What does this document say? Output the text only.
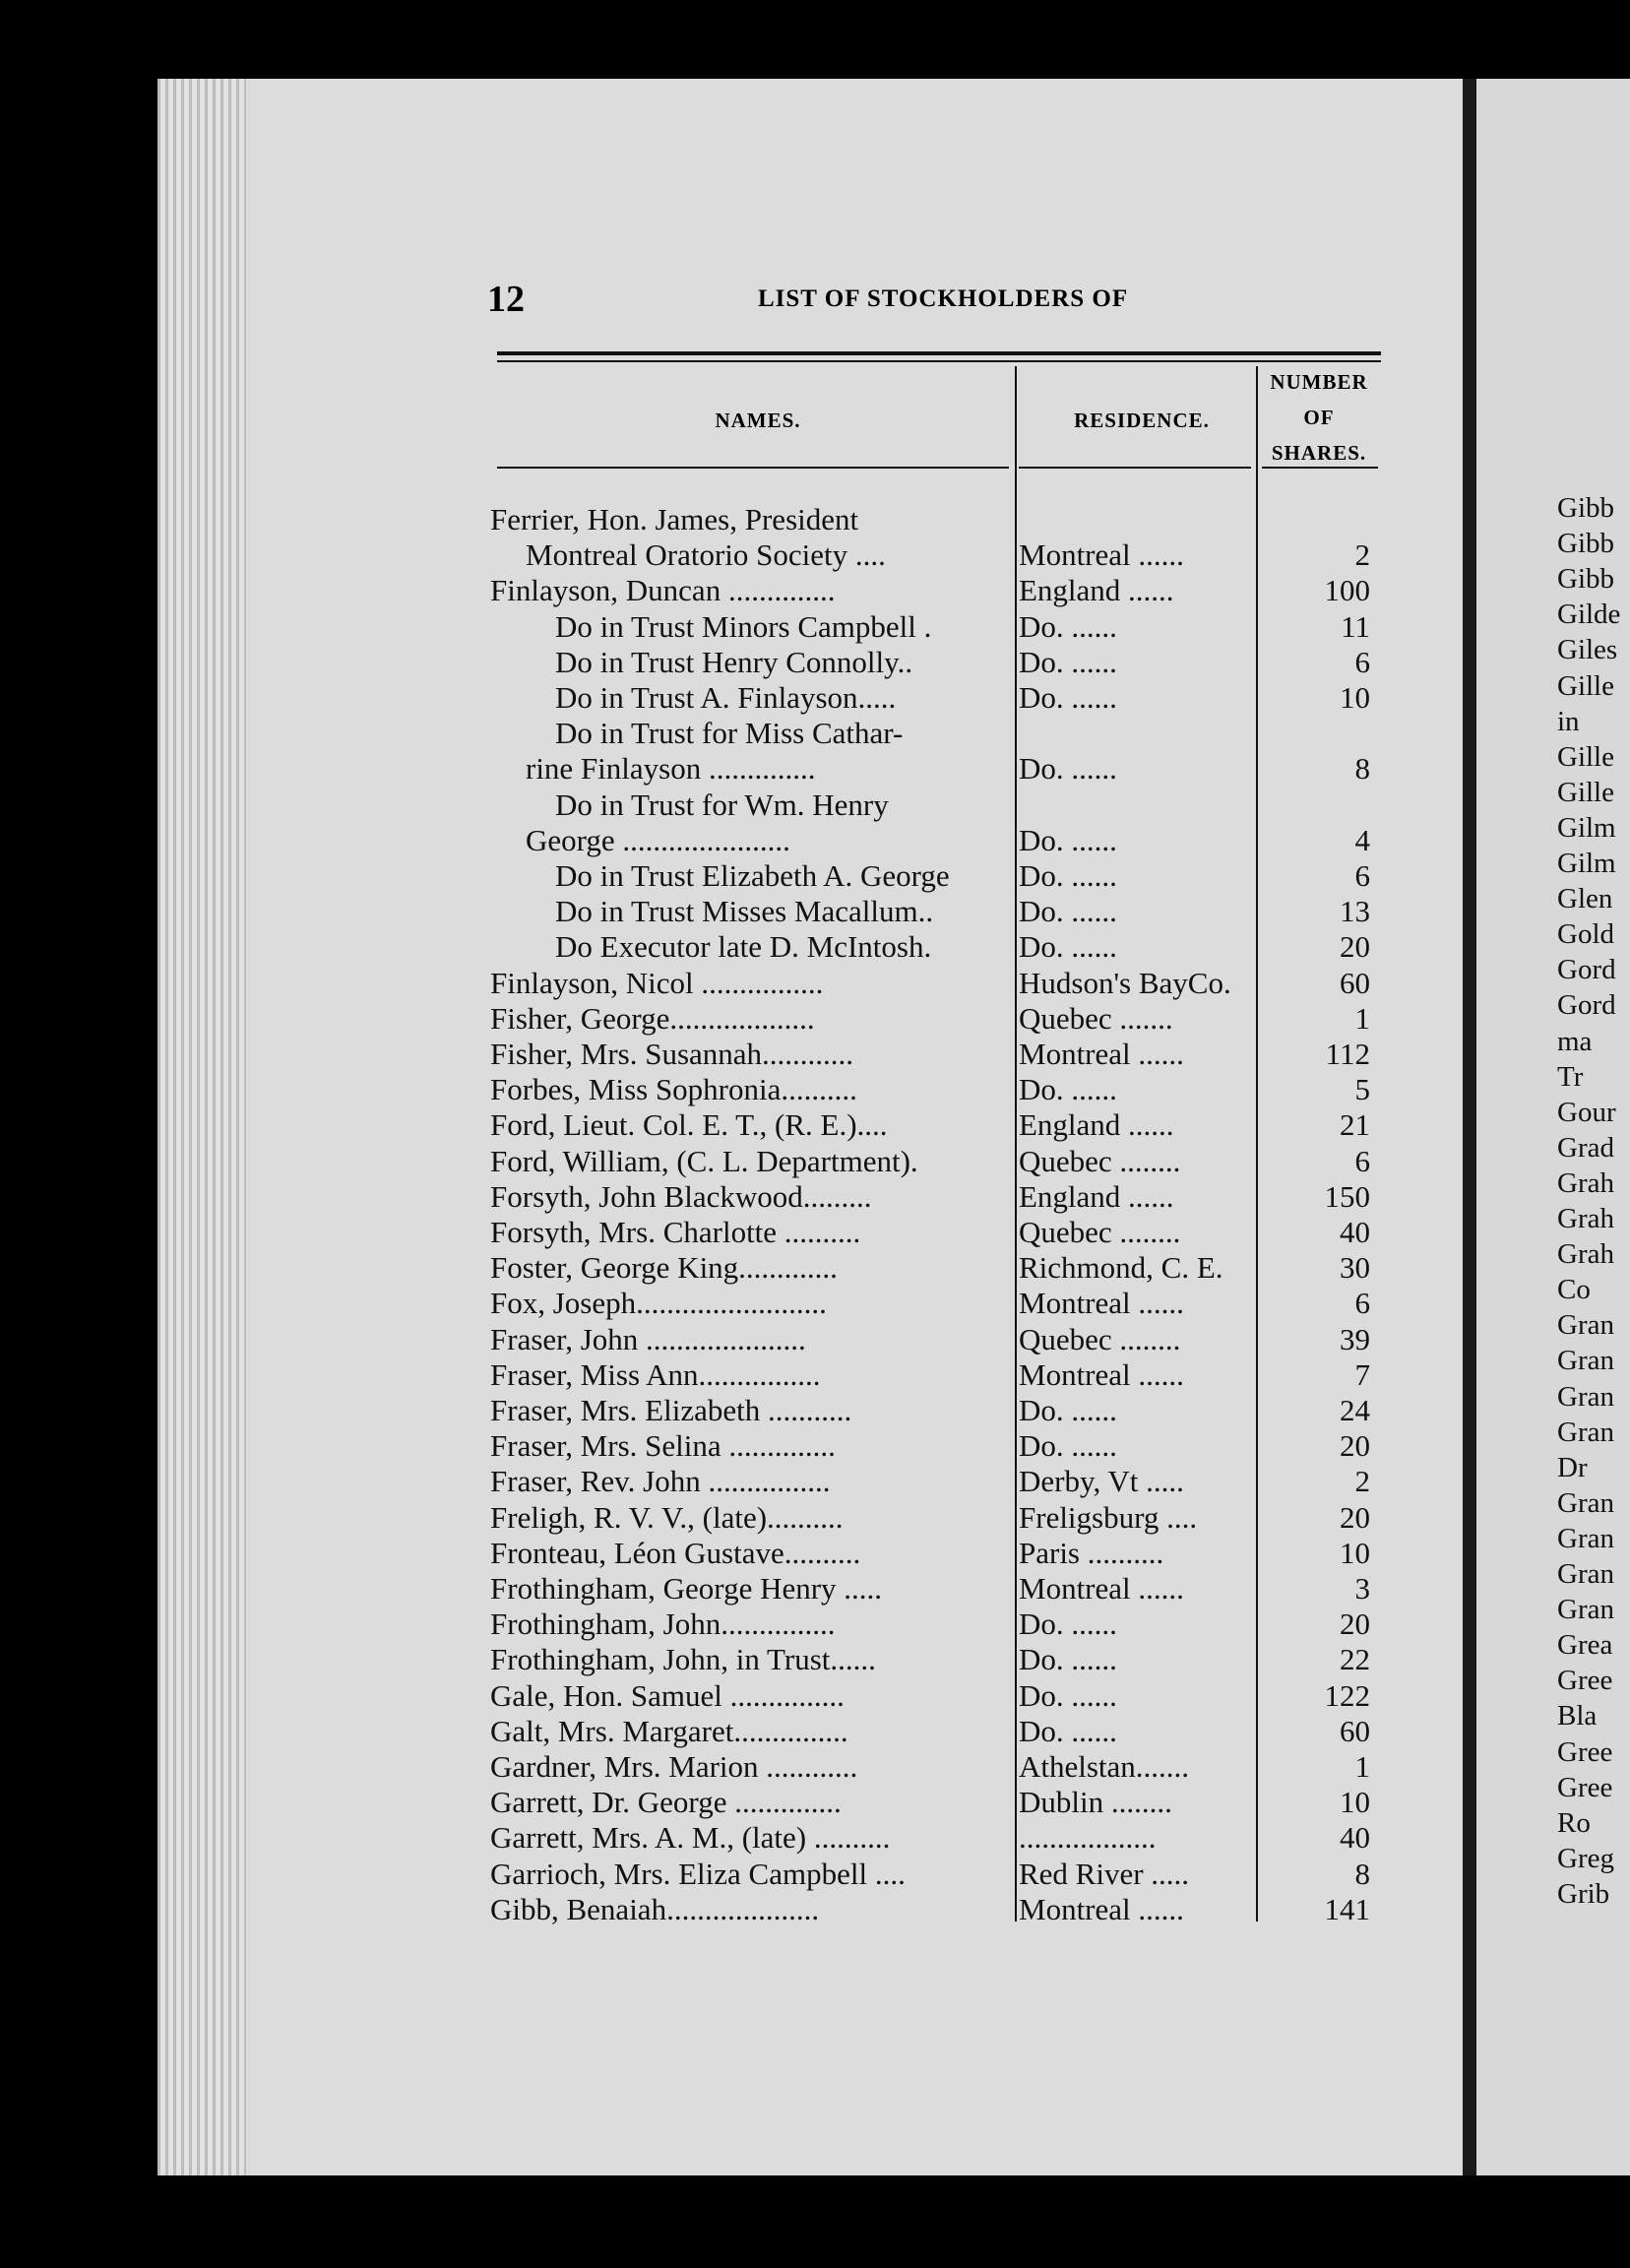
12	LIST OF STOCKHOLDERS OF
NAMES.	RESIDENCE.
NUMBER
OF
SHARES.
Ferrier, Hon. James, President
Montreal Oratorio Society ....	Montreal ......	2
Finlayson, Duncan ..............	England ......	100
Do in Trust Minors Campbell .	Do. ......	11
Do in Trust Henry Connolly..	Do. ......	6
Do in Trust A. Finlayson.....	Do. ......	10
Do in Trust for Miss Cathar-
rine Finlayson ..............	Do. ......	8
Do in Trust for Wm. Henry
George ......................	Do. ......	4
Do in Trust Elizabeth A. George Do. ......	6
Do in Trust Misses Macallum..	Do. ......	13
Do Executor late D. McIntosh.	Do. ......	20
Finlayson, Nicol ................	Hudson's BayCo.	60
Fisher, George...................	Quebec .......	1
Fisher, Mrs. Susannah............	Montreal ......	112
Forbes, Miss Sophronia..........	Do. ......	5
Ford, Lieut. Col. E. T., (R. E.)....	England ......	21
Ford, William, (C. L. Department).	Quebec ........	6
Forsyth, John Blackwood.........	England ......	150
Forsyth, Mrs. Charlotte ..........	Quebec ........	40
Foster, George King.............	Richmond, C. E.	30
Fox, Joseph.........................	Montreal ......	6
Fraser, John .....................	Quebec ........	39
Fraser, Miss Ann................	Montreal ......	7
Fraser, Mrs. Elizabeth ...........	Do. ......	24
Fraser, Mrs. Selina ..............	Do. ......	20
Fraser, Rev. John ................	Derby, Vt .....	2
Freligh, R. V. V., (late)..........	Freligsburg ....	20
Fronteau, Léon Gustave..........	Paris ..........	10
Frothingham, George Henry .....	Montreal ......	3
Frothingham, John...............	Do. ......	20
Frothingham, John, in Trust......	Do. ......	22
Gale, Hon. Samuel ...............	Do. ......	122
Galt, Mrs. Margaret...............	Do. ......	60
Gardner, Mrs. Marion ............	Athelstan.......	1
Garrett, Dr. George ..............	Dublin ........	10
Garrett, Mrs. A. M., (late) ..........	..................	40
Garrioch, Mrs. Eliza Campbell ....	Red River .....	8
Gibb, Benaiah....................	Montreal ......	141
Gibb
Gibb
Gibb
Gilde
Giles
Gille
in
Gille
Gille
Gilm
Gilm
Glen
Gold
Gord
Gord
ma
Tr
Gour
Grad
Grah
Grah
Grah
Co
Gran
Gran
Gran
Gran
Dr
Gran
Gran
Gran
Gran
Grea
Gree
Bla
Gree
Gree
Ro
Greg
Grib
